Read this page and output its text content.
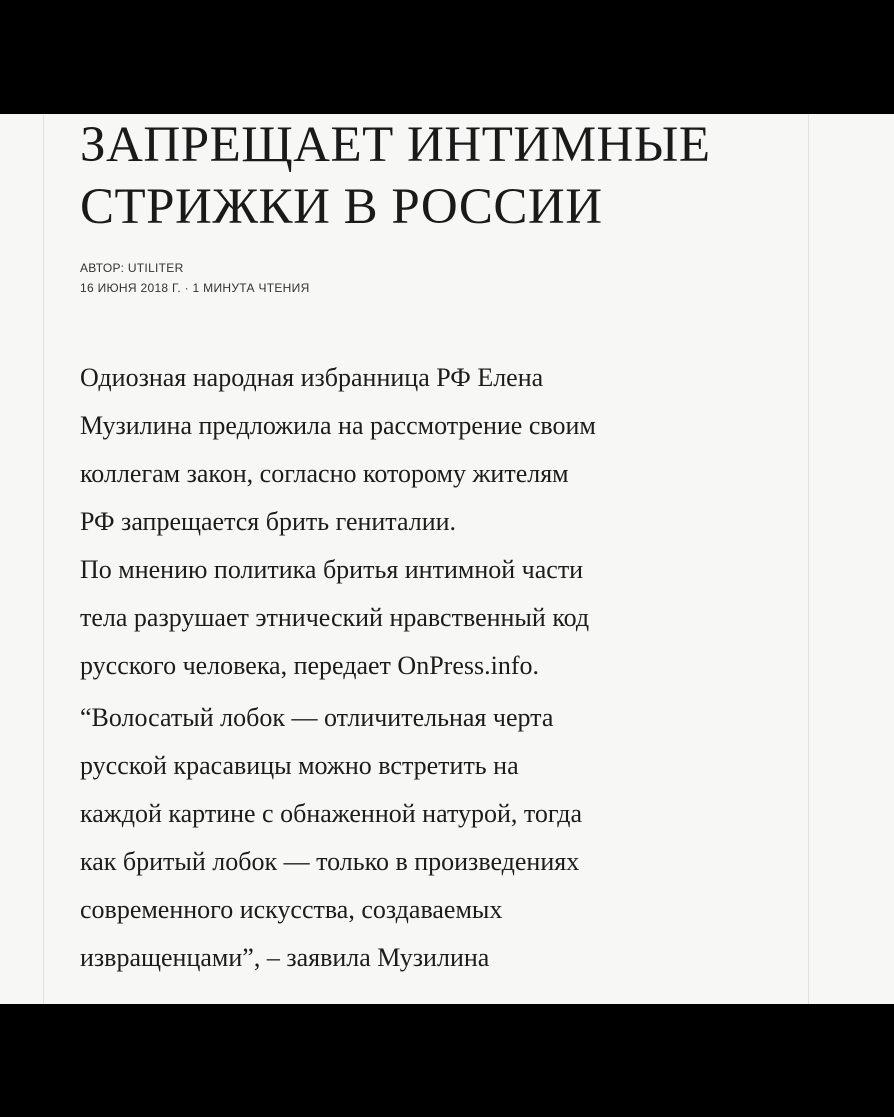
ЗАПРЕЩАЕТ ИНТИМНЫЕ
СТРИЖКИ В РОССИИ
АВТОР: UTILITER
16 ИЮНЯ 2018 Г. · 1 МИНУТА ЧТЕНИЯ
Одиозная народная избранница РФ Елена
Музилина предложила на рассмотрение своим
коллегам закон, согласно которому жителям
РФ запрещается брить гениталии.
По мнению политика бритья интимной части
тела разрушает этнический нравственный код
русского человека, передает OnPress.info.
“Волосатый лобок — отличительная черта
русской красавицы можно встретить на
каждой картине с обнаженной натурой, тогда
как бритый лобок — только в произведениях
современного искусства, создаваемых
извращенцами”, – заявила Музилина
